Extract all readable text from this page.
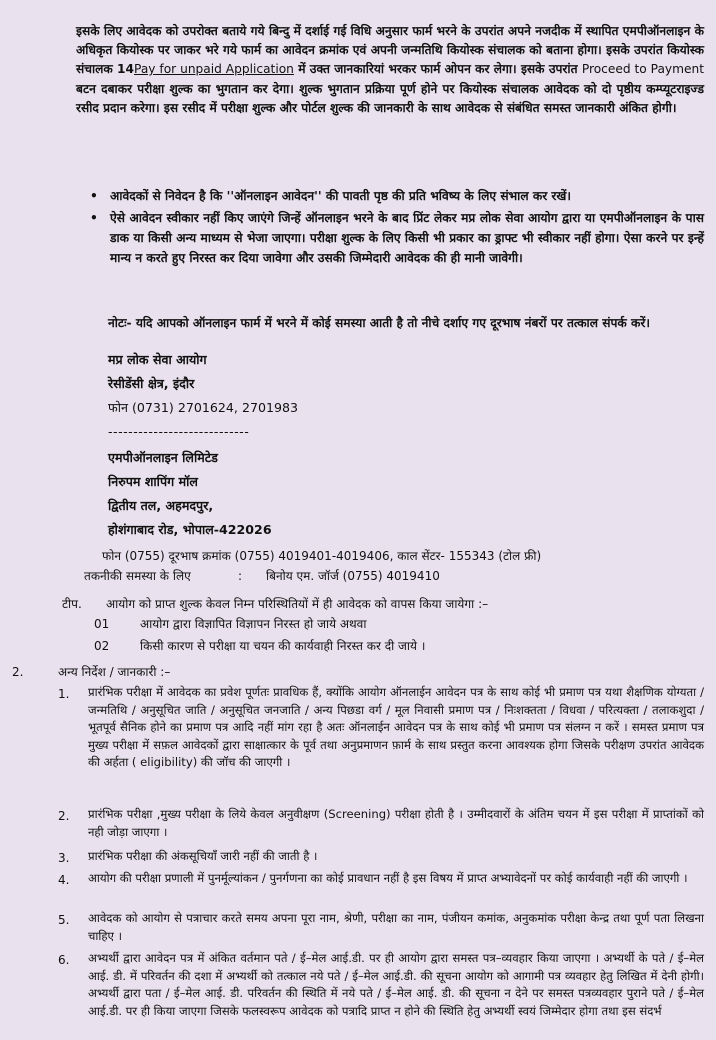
इसके लिए आवेदक को उपरोक्त बताये गये बिन्दु में दर्शाई गई विधि अनुसार फार्म भरने के उपरांत अपने नजदीक में स्थापित एमपीऑनलाइन के अधिकृत कियोस्क पर जाकर भरे गये फार्म का आवेदन क्रमांक एवं अपनी जन्मतिथि कियोस्क संचालक को बताना होगा। इसके उपरांत कियोस्क संचालक 14Pay for unpaid Application में उक्त जानकारियां भरकर फार्म ओपन कर लेगा। इसके उपरांत Proceed to Payment बटन दबाकर परीक्षा शुल्क का भुगतान कर देगा। शुल्क भुगतान प्रक्रिया पूर्ण होने पर कियोस्क संचालक आवेदक को दो पृष्ठीय कम्प्यूटराइज्ड रसीद प्रदान करेगा। इस रसीद में परीक्षा शुल्क और पोर्टल शुल्क की जानकारी के साथ आवेदक से संबंधित समस्त जानकारी अंकित होगी।

• आवेदकों से निवेदन है कि ''ऑनलाइन आवेदन'' की पावती पृष्ठ की प्रति भविष्य के लिए संभाल कर रखें।
• ऐसे आवेदन स्वीकार नहीं किए जाएंगे जिन्हें ऑनलाइन भरने के बाद प्रिंट लेकर मप्र लोक सेवा आयोग द्वारा या एमपीऑनलाइन के पास डाक या किसी अन्य माध्यम से भेजा जाएगा। परीक्षा शुल्क के लिए किसी भी प्रकार का ड्राफ्ट भी स्वीकार नहीं होगा। ऐसा करने पर इन्हें मान्य न करते हुए निरस्त कर दिया जावेगा और उसकी जिम्मेदारी आवेदक की ही मानी जावेगी।

नोटः- यदि आपको ऑनलाइन फार्म में भरने में कोई समस्या आती है तो नीचे दर्शाए गए दूरभाष नंबरों पर तत्काल संपर्क करें।

मप्र लोक सेवा आयोग
रेसीडेंसी क्षेत्र, इंदौर
फोन (0731) 2701624, 2701983
----------------------------
एमपीऑनलाइन लिमिटेड
निरुपम शापिंग मॉल
द्वितीय तल, अहमदपुर,
होशंगाबाद रोड, भोपाल-422026
फोन (0755) दूरभाष क्रमांक (0755) 4019401-4019406, काल सेंटर- 155343 (टोल फ्री)
तकनीकी समस्या के लिए	: बिनोय एम. जॉर्ज (0755) 4019410
टीप. आयोग को प्राप्त शुल्क केवल निम्न परिस्थितियों में ही आवेदक को वापस किया जायेगा :–
01	आयोग द्वारा विज्ञापित विज्ञापन निरस्त हो जाये अथवा
02	किसी कारण से परीक्षा या चयन की कार्यवाही निरस्त कर दी जाये ।
2.	अन्य निर्देश / जानकारी :–
1. प्रारंभिक परीक्षा में आवेदक का प्रवेश पूर्णतः प्रावधिक हैं, क्योंकि आयोग ऑनलाईन आवेदन पत्र के साथ कोई भी प्रमाण पत्र यथा शैक्षणिक योग्यता / जन्मतिथि / अनुसूचित जाति / अनुसूचित जनजाति / अन्य पिछडा वर्ग / मूल निवासी प्रमाण पत्र / निःशक्तता / विधवा / परित्यक्ता / तलाकशुदा / भूतपूर्व सैनिक होने का प्रमाण पत्र आदि नहीं मांग रहा है अतः ऑनलाईन आवेदन पत्र के साथ कोई भी प्रमाण पत्र संलग्न न करें । समस्त प्रमाण पत्र मुख्य परीक्षा में सफ़ल आवेदकों द्वारा साक्षात्कार के पूर्व तथा अनुप्रमाणन फ़ार्म के साथ प्रस्तुत करना आवश्यक होगा जिसके परीक्षण उपरांत आवेदक की अर्हता ( eligibility) की जॉच की जाएगी ।
2. प्रारंभिक परीक्षा ,मुख्य परीक्षा के लिये केवल अनुवीक्षण (Screening) परीक्षा होती है । उम्मीदवारों के अंतिम चयन में इस परीक्षा में प्राप्तांकों को नही जोड़ा जाएगा ।
3. प्रारंभिक परीक्षा की अंकसूचियॉं जारी नहीं की जाती है ।
4. आयोग की परीक्षा प्रणाली में पुनर्मूल्यांकन / पुनर्गणना का कोई प्रावधान नहीं है इस विषय में प्राप्त अभ्यावेदनों पर कोई कार्यवाही नहीं की जाएगी ।
5. आवेदक को आयोग से पत्राचार करते समय अपना पूरा नाम, श्रेणी, परीक्षा का नाम, पंजीयन कमांक, अनुकमांक परीक्षा केन्द्र तथा पूर्ण पता लिखना चाहिए ।
6. अभ्यर्थी द्वारा आवेदन पत्र में अंकित वर्तमान पते / ई–मेल आई.डी. पर ही आयोग द्वारा समस्त पत्र–व्यवहार किया जाएगा । अभ्यर्थी के पते / ई–मेल आई. डी. में परिवर्तन की दशा में अभ्यर्थी को तत्काल नये पते / ई–मेल आई.डी. की सूचना आयोग को आगामी पत्र व्यवहार हेतु लिखित में देनी होगी। अभ्यर्थी द्वारा पता / ई–मेल आई. डी. परिवर्तन की स्थिति में नये पते / ई–मेल आई. डी. की सूचना न देने पर समस्त पत्रव्यवहार पुराने पते / ई–मेल आई.डी. पर ही किया जाएगा जिसके फलस्वरूप आवेदक को पत्रादि प्राप्त न होने की स्थिति हेतु अभ्यर्थी स्वयं जिम्मेदार होगा तथा इस संदर्भ
